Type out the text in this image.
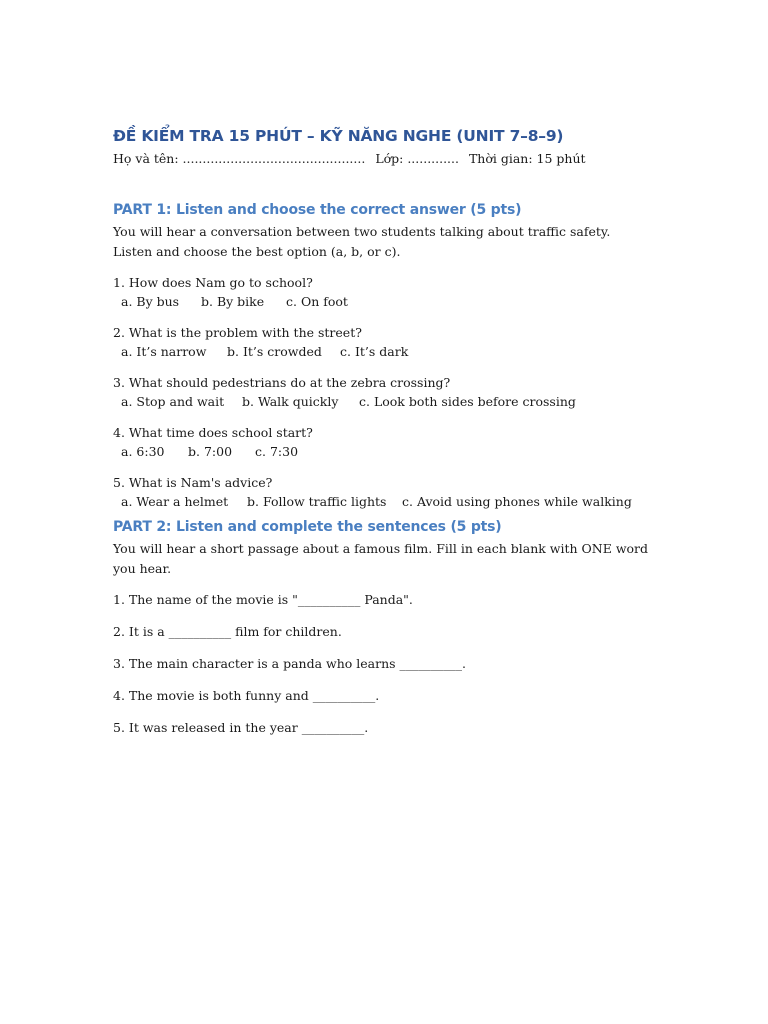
ĐỀ KIỂM TRA 15 PHÚT – KỸ NĂNG NGHE (UNIT 7–8–9)
Họ và tên: .............................................. Lớp: ............. Thời gian: 15 phút
PART 1: Listen and choose the correct answer (5 pts)
You will hear a conversation between two students talking about traffic safety.
Listen and choose the best option (a, b, or c).
1. How does Nam go to school?
a. By bus b. By bike c. On foot
2. What is the problem with the street?
a. It’s narrow b. It’s crowded c. It’s dark
3. What should pedestrians do at the zebra crossing?
a. Stop and wait b. Walk quickly c. Look both sides before crossing
4. What time does school start?
a. 6:30 b. 7:00 c. 7:30
5. What is Nam's advice?
a. Wear a helmet b. Follow traffic lights c. Avoid using phones while walking
PART 2: Listen and complete the sentences (5 pts)
You will hear a short passage about a famous film. Fill in each blank with ONE word you hear.
1. The name of the movie is "__________ Panda".
2. It is a __________ film for children.
3. The main character is a panda who learns __________.
4. The movie is both funny and __________.
5. It was released in the year __________.
